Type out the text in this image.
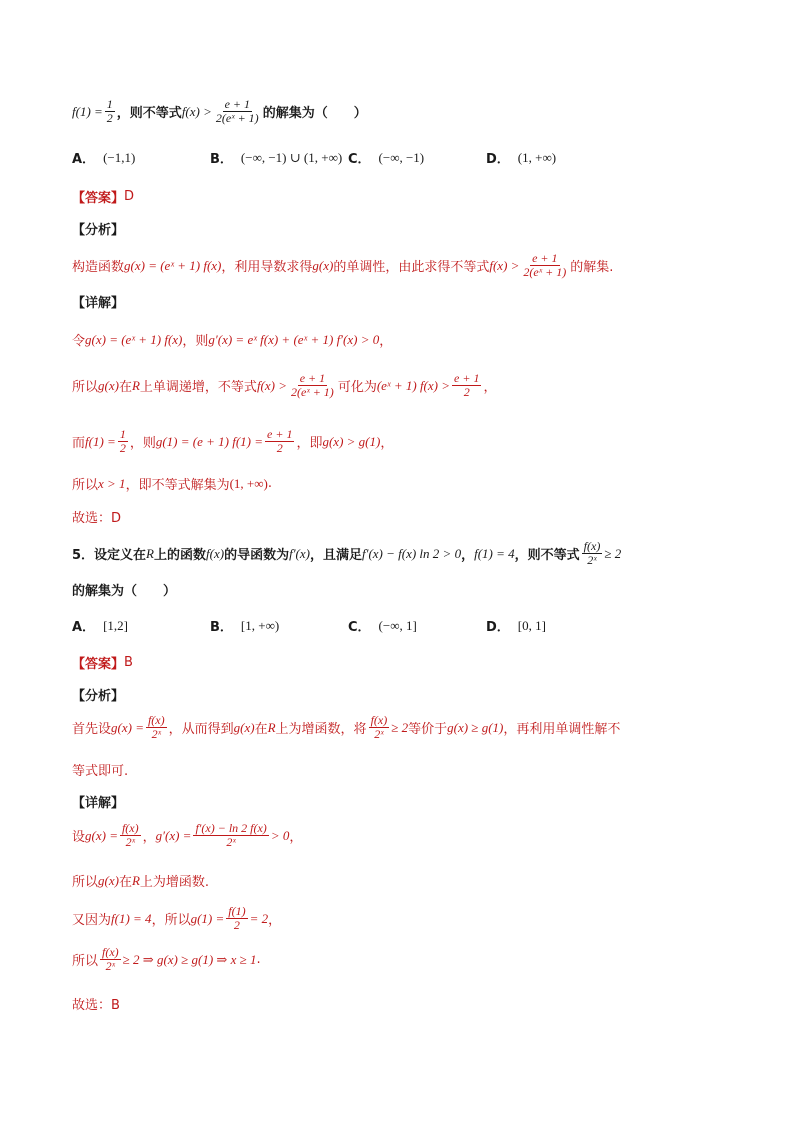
$f(1) = \frac{1}{2}$ ，则不等式 $f(x) > \frac{e + 1}{\text{2(eˣ + 1)}}$ 的解集为（　　）
A． (−1,1)	B． (−∞, −1) ∪ (1, +∞) C． (−∞, −1)	D． (1, +∞)
【答案】 D
【分析】
构造函数 g(x) = (eˣ + 1) f(x) ，利用导数求得 g(x) 的单调性，由此求得不等式 $f(x) > \frac{e + 1}{\text{2(eˣ + 1)}}$ 的解集.
【详解】
令 g(x) = (eˣ + 1) f(x) ，则 g′(x) = eˣ f(x) + (eˣ + 1) f′(x) > 0 ，
所以 g(x) 在 R 上单调递增，不等式 $f(x) > \frac{e + 1}{\text{2(eˣ + 1)}}$ 可化为 (eˣ + 1) $f(x) > \frac{e + 1}{2}$ ，
而 $f(1) = \frac{1}{2}$ ，则 g(1) = (e + 1) $f(1) = \frac{e + 1}{2}$ ，即 g(x) > g(1) ，
所以 x > 1 ，即不等式解集为 (1, +∞) .
故选：D
5．设定义在 R 上的函数 f(x) 的导函数为 f′(x) ，且满足 f′(x) − f(x) ln 2 > 0 ， f(1) = 4 ，则不等式 $\frac{f(x)}{\text{2ˣ}} \ge 2$
的解集为（　　）
A． [1,2]	B． [1, +∞)	C． (−∞, 1]	D． [0, 1]
【答案】 B
【分析】
首先设 $g(x) = \frac{f(x)}{\text{2ˣ}}$ ，从而得到 g(x) 在 R 上为增函数，将 $\frac{f(x)}{\text{2ˣ}} \ge 2$ 等价于 g(x) ≥ g(1) ，再利用单调性解不
等式即可.
【详解】
设 $g(x) = \frac{f(x)}{\text{2ˣ}}$ ， $g'(x) = \frac{f'(x) - \ln 2 f(x)}{\text{2ˣ}} > 0$ ，
所以 g(x) 在 R 上为增函数.
又因为 f(1) = 4 ，所以 $g(1) = \frac{f(1)}{2} = 2$ ，
所以 $\frac{f(x)}{\text{2ˣ}} \ge 2$ ⇒ g(x) ≥ g(1) ⇒ x ≥ 1 .
故选：B
